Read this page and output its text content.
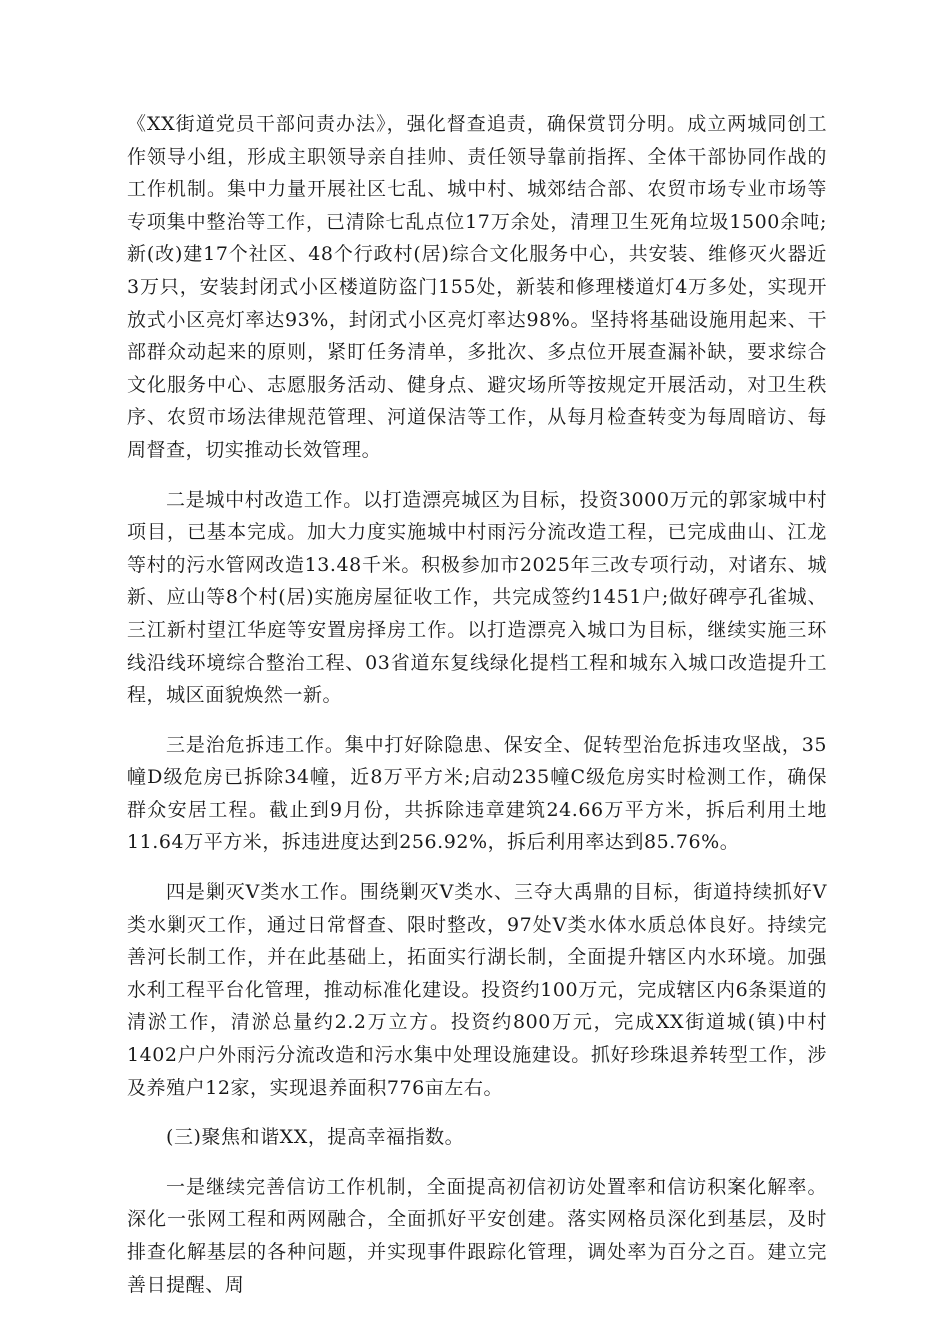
《XX街道党员干部问责办法》，强化督查追责，确保赏罚分明。成立两城同创工作领导小组，形成主职领导亲自挂帅、责任领导靠前指挥、全体干部协同作战的工作机制。集中力量开展社区七乱、城中村、城郊结合部、农贸市场专业市场等专项集中整治等工作，已清除七乱点位17万余处，清理卫生死角垃圾1500余吨;新(改)建17个社区、48个行政村(居)综合文化服务中心，共安装、维修灭火器近3万只，安装封闭式小区楼道防盗门155处，新装和修理楼道灯4万多处，实现开放式小区亮灯率达93%，封闭式小区亮灯率达98%。坚持将基础设施用起来、干部群众动起来的原则，紧盯任务清单，多批次、多点位开展查漏补缺，要求综合文化服务中心、志愿服务活动、健身点、避灾场所等按规定开展活动，对卫生秩序、农贸市场法律规范管理、河道保洁等工作，从每月检查转变为每周暗访、每周督查，切实推动长效管理。

二是城中村改造工作。以打造漂亮城区为目标，投资3000万元的郭家城中村项目，已基本完成。加大力度实施城中村雨污分流改造工程，已完成曲山、江龙等村的污水管网改造13.48千米。积极参加市2025年三改专项行动，对诸东、城新、应山等8个村(居)实施房屋征收工作，共完成签约1451户;做好碑亭孔雀城、三江新村望江华庭等安置房择房工作。以打造漂亮入城口为目标，继续实施三环线沿线环境综合整治工程、03省道东复线绿化提档工程和城东入城口改造提升工程，城区面貌焕然一新。

三是治危拆违工作。集中打好除隐患、保安全、促转型治危拆违攻坚战，35幢D级危房已拆除34幢，近8万平方米;启动235幢C级危房实时检测工作，确保群众安居工程。截止到9月份，共拆除违章建筑24.66万平方米，拆后利用土地11.64万平方米，拆违进度达到256.92%，拆后利用率达到85.76%。

四是剿灭Ⅴ类水工作。围绕剿灭Ⅴ类水、三夺大禹鼎的目标，街道持续抓好Ⅴ类水剿灭工作，通过日常督查、限时整改，97处Ⅴ类水体水质总体良好。持续完善河长制工作，并在此基础上，拓面实行湖长制，全面提升辖区内水环境。加强水利工程平台化管理，推动标准化建设。投资约100万元，完成辖区内6条渠道的清淤工作，清淤总量约2.2万立方。投资约800万元，完成XX街道城(镇)中村1402户户外雨污分流改造和污水集中处理设施建设。抓好珍珠退养转型工作，涉及养殖户12家，实现退养面积776亩左右。

(三)聚焦和谐XX，提高幸福指数。

一是继续完善信访工作机制，全面提高初信初访处置率和信访积案化解率。深化一张网工程和两网融合，全面抓好平安创建。落实网格员深化到基层，及时排查化解基层的各种问题，并实现事件跟踪化管理，调处率为百分之百。建立完善日提醒、周
